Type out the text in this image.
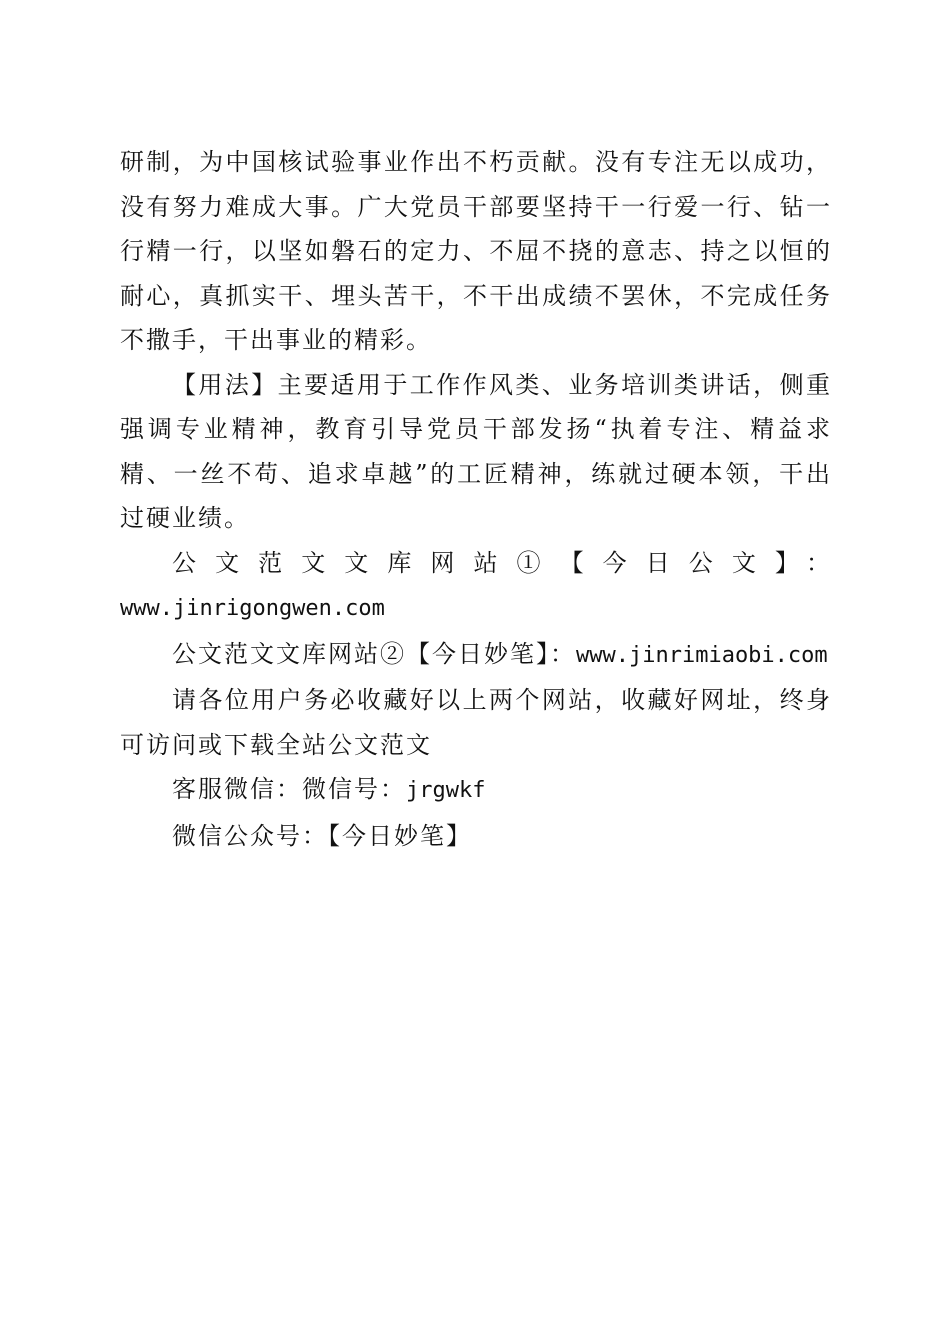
研制，为中国核试验事业作出不朽贡献。没有专注无以成功，没有努力难成大事。广大党员干部要坚持干一行爱一行、钻一行精一行，以坚如磐石的定力、不屈不挠的意志、持之以恒的耐心，真抓实干、埋头苦干，不干出成绩不罢休，不完成任务不撒手，干出事业的精彩。

【用法】主要适用于工作作风类、业务培训类讲话，侧重强调专业精神，教育引导党员干部发扬“执着专注、精益求精、一丝不苟、追求卓越”的工匠精神，练就过硬本领，干出过硬业绩。

公文范文文库网站①【今日公文】：

www.jinrigongwen.com

公文范文文库网站②【今日妙笔】：www.jinrimiaobi.com

请各位用户务必收藏好以上两个网站，收藏好网址，终身可访问或下载全站公文范文

客服微信：微信号：jrgwkf

微信公众号：【今日妙笔】
